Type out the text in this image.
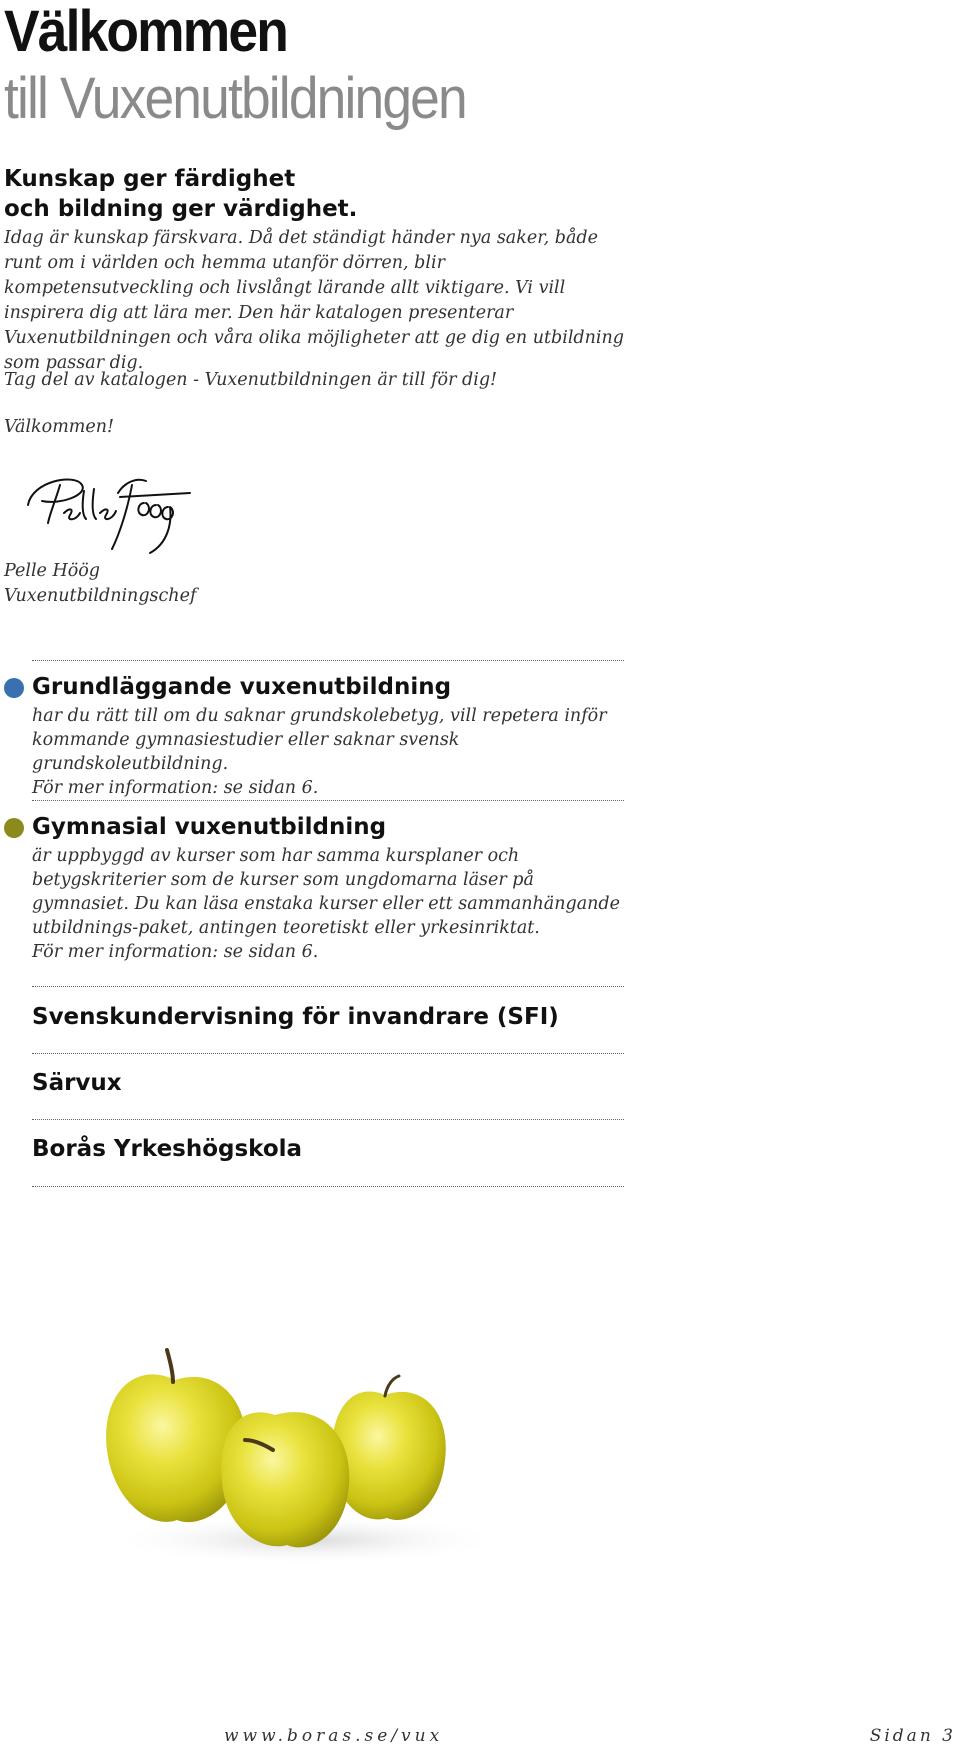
Välkommen
till Vuxenutbildningen
Kunskap ger färdighet
och bildning ger värdighet.

Idag är kunskap färskvara. Då det ständigt händer nya saker, både runt om i världen och hemma utanför dörren, blir kompetensutveckling och livslångt lärande allt viktigare. Vi vill inspirera dig att lära mer. Den här katalogen presenterar Vuxenutbildningen och våra olika möjligheter att ge dig en utbildning som passar dig.

Tag del av katalogen - Vuxenutbildningen är till för dig!

Välkommen!

Pelle Höög
Vuxenutbildningschef
Grundläggande vuxenutbildning
har du rätt till om du saknar grundskolebetyg, vill repetera inför kommande gymnasiestudier eller saknar svensk grundskoleutbildning.
För mer information: se sidan 6.
Gymnasial vuxenutbildning
är uppbyggd av kurser som har samma kursplaner och betygskriterier som de kurser som ungdomarna läser på gymnasiet. Du kan läsa enstaka kurser eller ett sammanhängande utbildnings-paket, antingen teoretiskt eller yrkesinriktat.
För mer information: se sidan 6.
Svenskundervisning för invandrare (SFI)
Särvux
Borås Yrkeshögskola
www.boras.se/vux	Sidan 3
